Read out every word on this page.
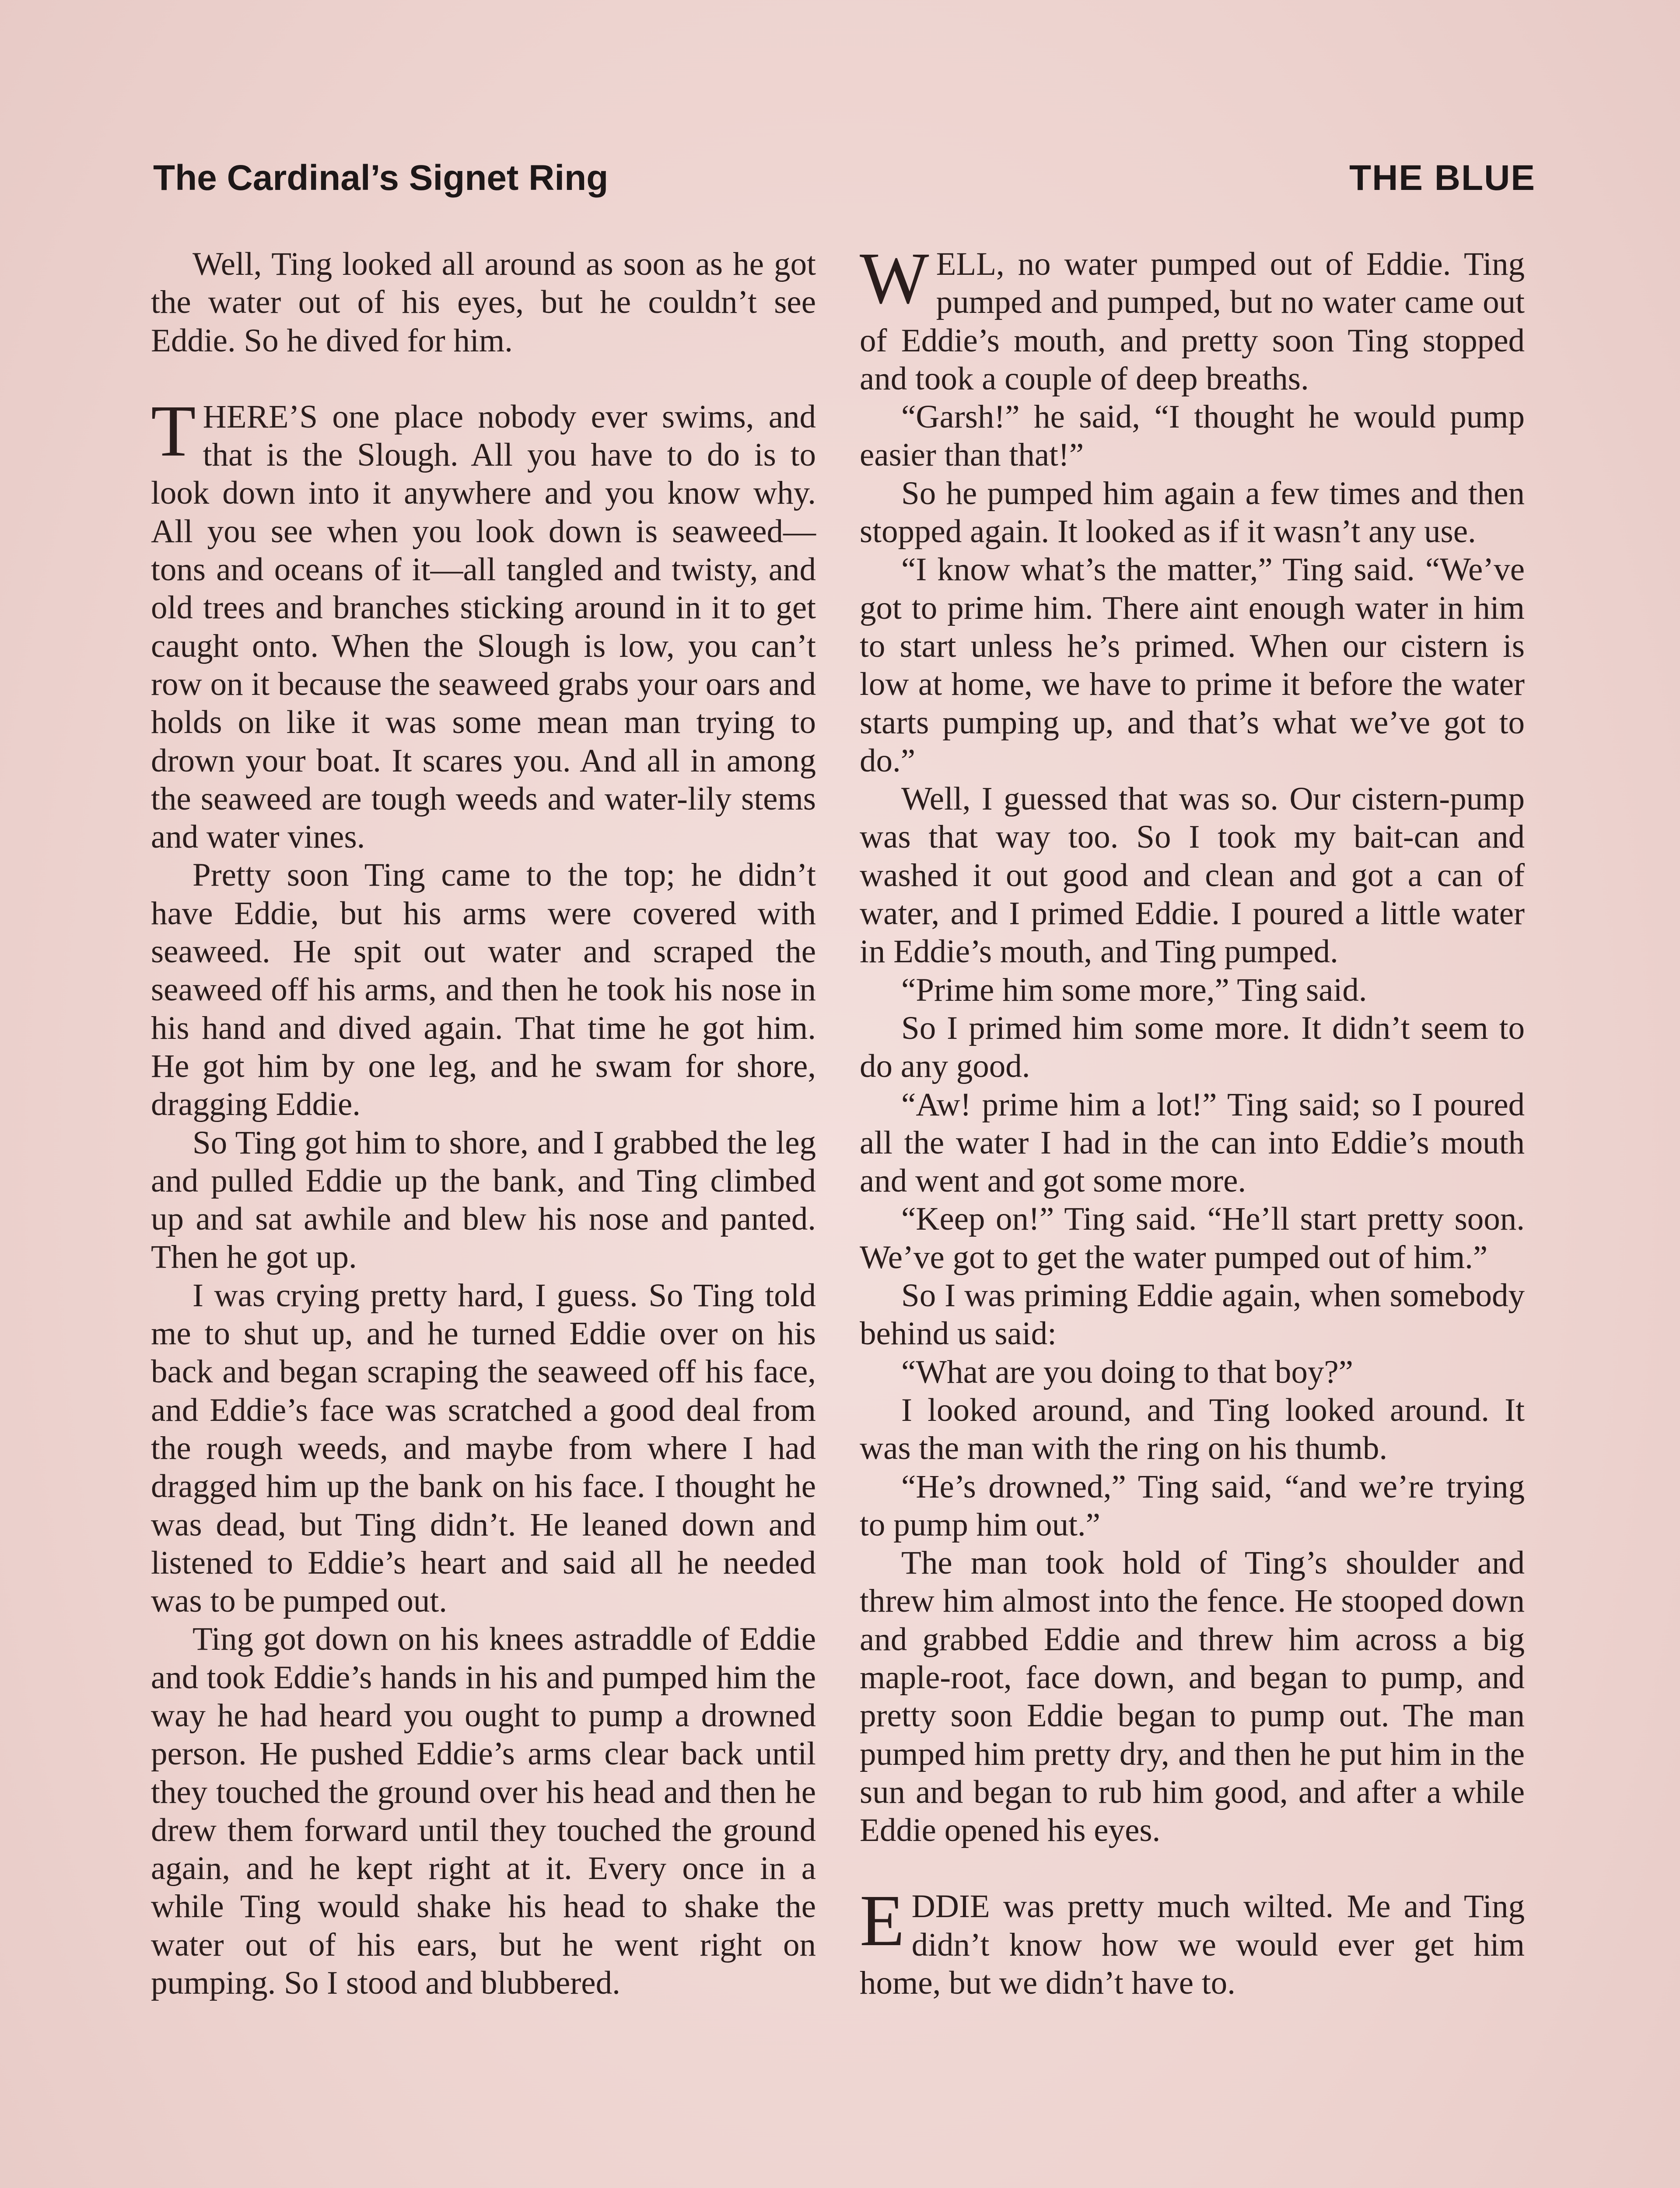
The Cardinal’s Signet Ring	THE BLUE

Well, Ting looked all around as soon as he got the water out of his eyes, but he couldn’t see Eddie. So he dived for him.

T HERE’S one place nobody ever swims, and that is the Slough. All you have to do is to look down into it anywhere and you know why. All you see when you look down is seaweed—tons and oceans of it—all tangled and twisty, and old trees and branches sticking around in it to get caught onto. When the Slough is low, you can’t row on it because the seaweed grabs your oars and holds on like it was some mean man trying to drown your boat. It scares you. And all in among the seaweed are tough weeds and water-lily stems and water vines.

Pretty soon Ting came to the top; he didn’t have Eddie, but his arms were covered with seaweed. He spit out water and scraped the seaweed off his arms, and then he took his nose in his hand and dived again. That time he got him. He got him by one leg, and he swam for shore, dragging Eddie.

So Ting got him to shore, and I grabbed the leg and pulled Eddie up the bank, and Ting climbed up and sat awhile and blew his nose and panted. Then he got up.

I was crying pretty hard, I guess. So Ting told me to shut up, and he turned Eddie over on his back and began scraping the seaweed off his face, and Eddie’s face was scratched a good deal from the rough weeds, and maybe from where I had dragged him up the bank on his face. I thought he was dead, but Ting didn’t. He leaned down and listened to Eddie’s heart and said all he needed was to be pumped out.

Ting got down on his knees astraddle of Eddie and took Eddie’s hands in his and pumped him the way he had heard you ought to pump a drowned person. He pushed Eddie’s arms clear back until they touched the ground over his head and then he drew them forward until they touched the ground again, and he kept right at it. Every once in a while Ting would shake his head to shake the water out of his ears, but he went right on pumping. So I stood and blubbered.

W ELL, no water pumped out of Eddie. Ting pumped and pumped, but no water came out of Eddie’s mouth, and pretty soon Ting stopped and took a couple of deep breaths.

“Garsh!” he said, “I thought he would pump easier than that!”

So he pumped him again a few times and then stopped again. It looked as if it wasn’t any use.

“I know what’s the matter,” Ting said. “We’ve got to prime him. There aint enough water in him to start unless he’s primed. When our cistern is low at home, we have to prime it before the water starts pumping up, and that’s what we’ve got to do.”

Well, I guessed that was so. Our cistern-pump was that way too. So I took my bait-can and washed it out good and clean and got a can of water, and I primed Eddie. I poured a little water in Eddie’s mouth, and Ting pumped.

“Prime him some more,” Ting said.

So I primed him some more. It didn’t seem to do any good.

“Aw! prime him a lot!” Ting said; so I poured all the water I had in the can into Eddie’s mouth and went and got some more.

“Keep on!” Ting said. “He’ll start pretty soon. We’ve got to get the water pumped out of him.”

So I was priming Eddie again, when somebody behind us said:

“What are you doing to that boy?”

I looked around, and Ting looked around. It was the man with the ring on his thumb.

“He’s drowned,” Ting said, “and we’re trying to pump him out.”

The man took hold of Ting’s shoulder and threw him almost into the fence. He stooped down and grabbed Eddie and threw him across a big maple-root, face down, and began to pump, and pretty soon Eddie began to pump out. The man pumped him pretty dry, and then he put him in the sun and began to rub him good, and after a while Eddie opened his eyes.

E DDIE was pretty much wilted. Me and Ting didn’t know how we would ever get him home, but we didn’t have to.
